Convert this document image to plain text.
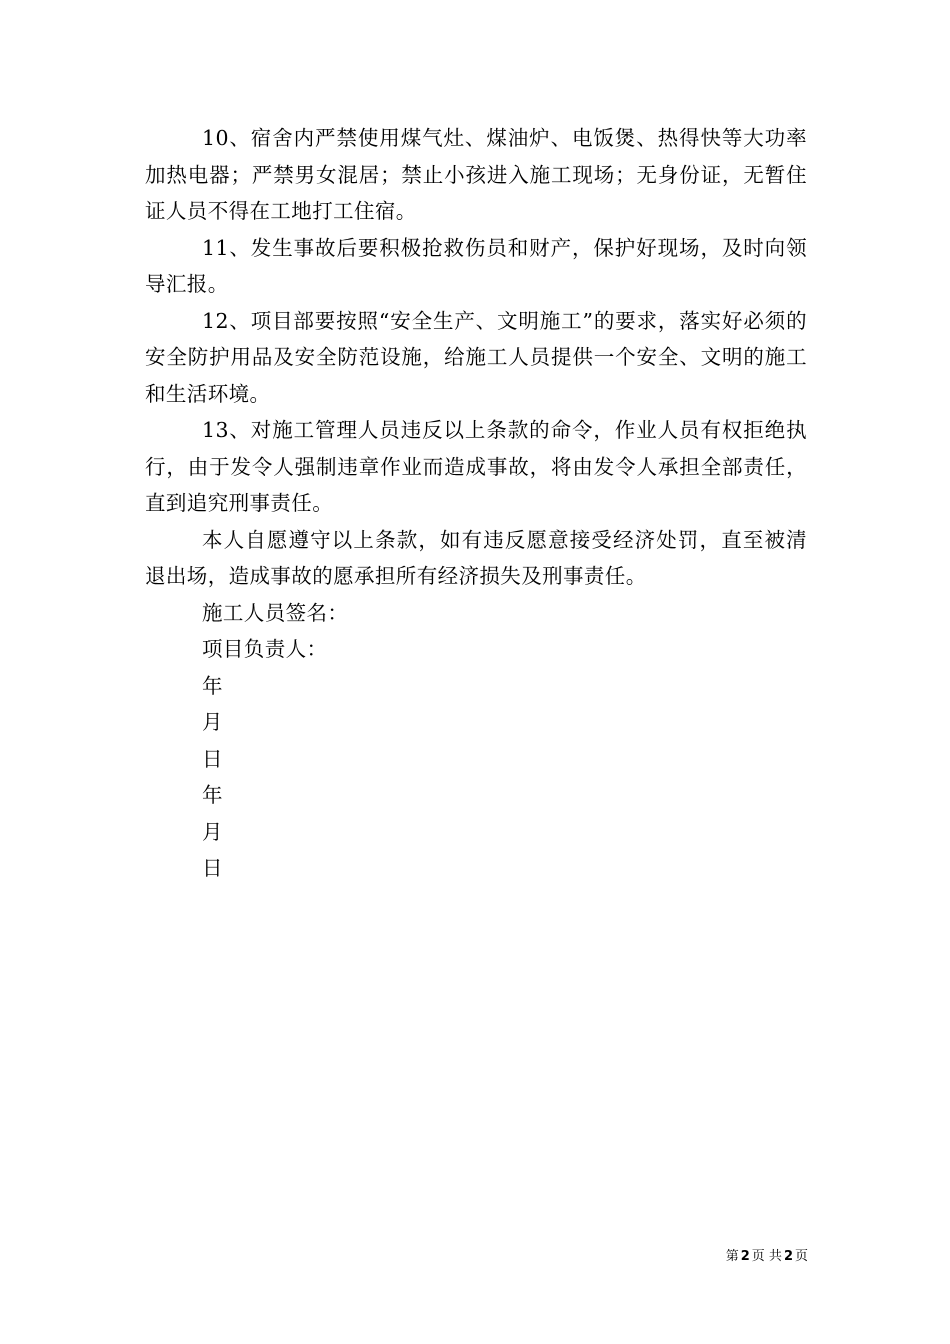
10、宿舍内严禁使用煤气灶、煤油炉、电饭煲、热得快等大功率加热电器；严禁男女混居；禁止小孩进入施工现场；无身份证，无暂住证人员不得在工地打工住宿。

11、发生事故后要积极抢救伤员和财产，保护好现场，及时向领导汇报。

12、项目部要按照“安全生产、文明施工”的要求，落实好必须的安全防护用品及安全防范设施，给施工人员提供一个安全、文明的施工和生活环境。

13、对施工管理人员违反以上条款的命令，作业人员有权拒绝执行，由于发令人强制违章作业而造成事故，将由发令人承担全部责任，直到追究刑事责任。

本人自愿遵守以上条款，如有违反愿意接受经济处罚，直至被清退出场，造成事故的愿承担所有经济损失及刑事责任。

施工人员签名：

项目负责人：

年

月

日

年

月

日

第 2 页 共 2 页
